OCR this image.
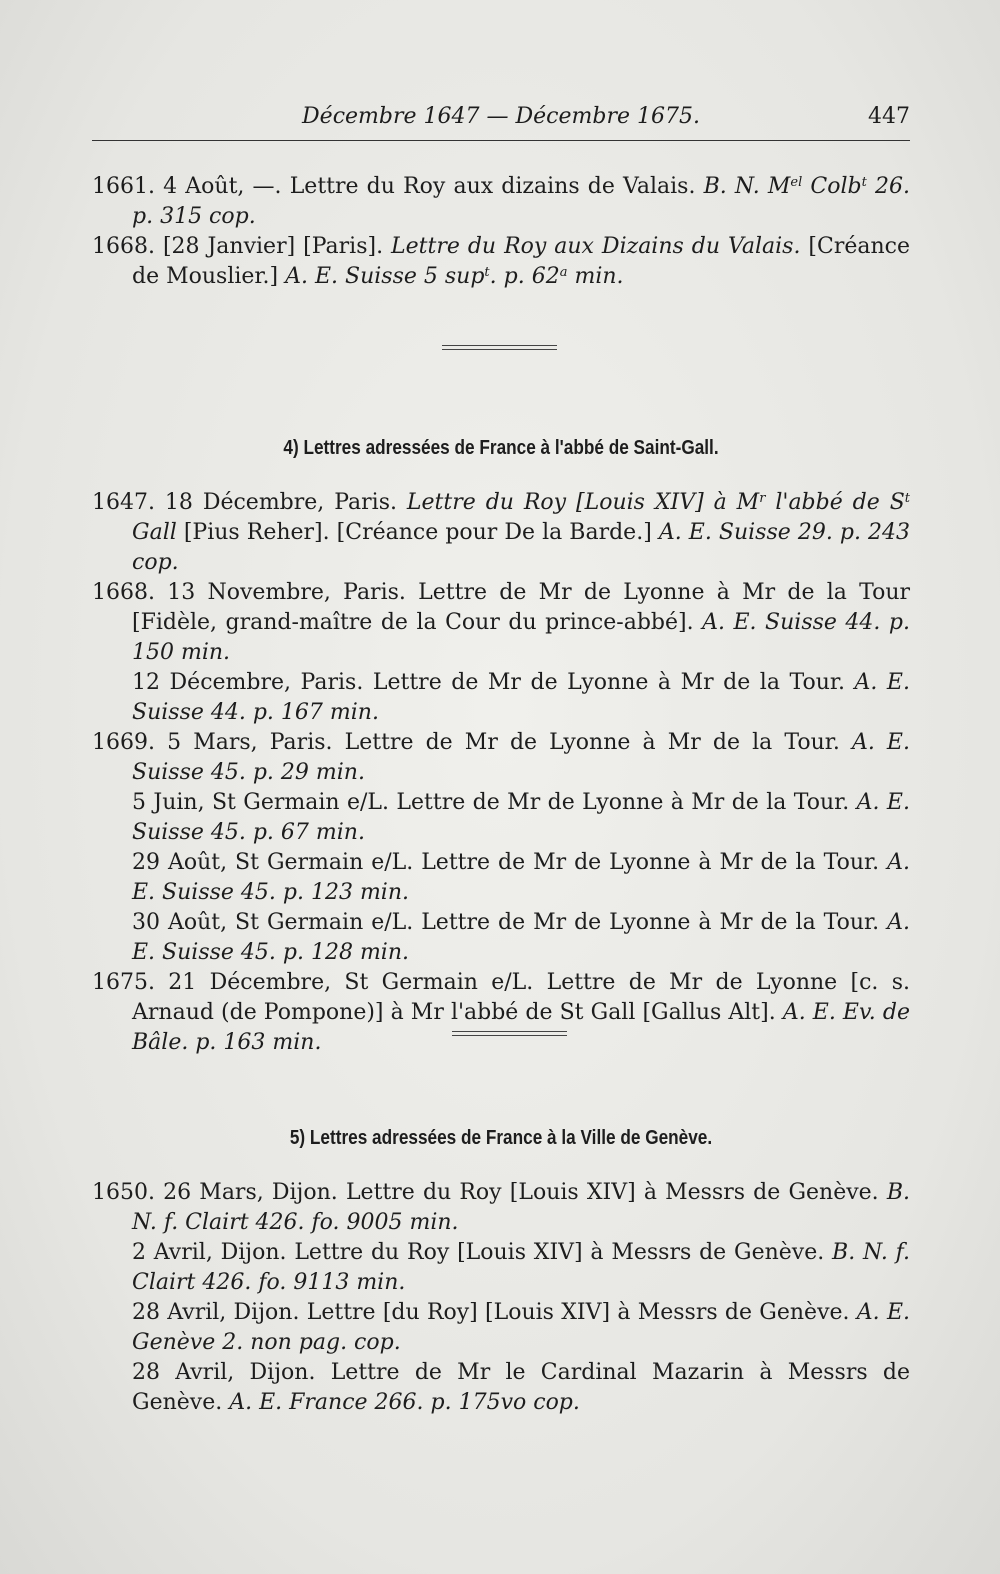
Décembre 1647 — Décembre 1675.	447

1661. 4 Août, —. Lettre du Roy aux dizains de Valais. B. N. $M^{el}$ Colb$^t$ 26. p. 315 cop.

1668. [28 Janvier] [Paris]. Lettre du Roy aux Dizains du Valais. [Créance de Mouslier.] A. E. Suisse 5 sup$^t$. p. 62$^a$ min.

4) Lettres adressées de France à l'abbé de Saint-Gall.

1647. 18 Décembre, Paris. Lettre du Roy [Louis XIV] à $M^r$ l'abbé de $S^t$ Gall [Pius Reher]. [Créance pour De la Barde.] A. E. Suisse 29. p. 243 cop.

1668. 13 Novembre, Paris. Lettre de Mr de Lyonne à Mr de la Tour [Fidèle, grand-maître de la Cour du prince-abbé]. A. E. Suisse 44. p. 150 min.

12 Décembre, Paris. Lettre de Mr de Lyonne à Mr de la Tour. A. E. Suisse 44. p. 167 min.

1669. 5 Mars, Paris. Lettre de Mr de Lyonne à Mr de la Tour. A. E. Suisse 45. p. 29 min.

5 Juin, St Germain e/L. Lettre de Mr de Lyonne à Mr de la Tour. A. E. Suisse 45. p. 67 min.

29 Août, St Germain e/L. Lettre de Mr de Lyonne à Mr de la Tour. A. E. Suisse 45. p. 123 min.

30 Août, St Germain e/L. Lettre de Mr de Lyonne à Mr de la Tour. A. E. Suisse 45. p. 128 min.

1675. 21 Décembre, St Germain e/L. Lettre de Mr de Lyonne [c. s. Arnaud (de Pompone)] à Mr l'abbé de St Gall [Gallus Alt]. A. E. Ev. de Bâle. p. 163 min.

5) Lettres adressées de France à la Ville de Genève.

1650. 26 Mars, Dijon. Lettre du Roy [Louis XIV] à Messrs de Genève. B. N. f. Clairt 426. fo. 9005 min.

2 Avril, Dijon. Lettre du Roy [Louis XIV] à Messrs de Genève. B. N. f. Clairt 426. fo. 9113 min.

28 Avril, Dijon. Lettre [du Roy] [Louis XIV] à Messrs de Genève. A. E. Genève 2. non pag. cop.

28 Avril, Dijon. Lettre de Mr le Cardinal Mazarin à Messrs de Genève. A. E. France 266. p. 175vo cop.
